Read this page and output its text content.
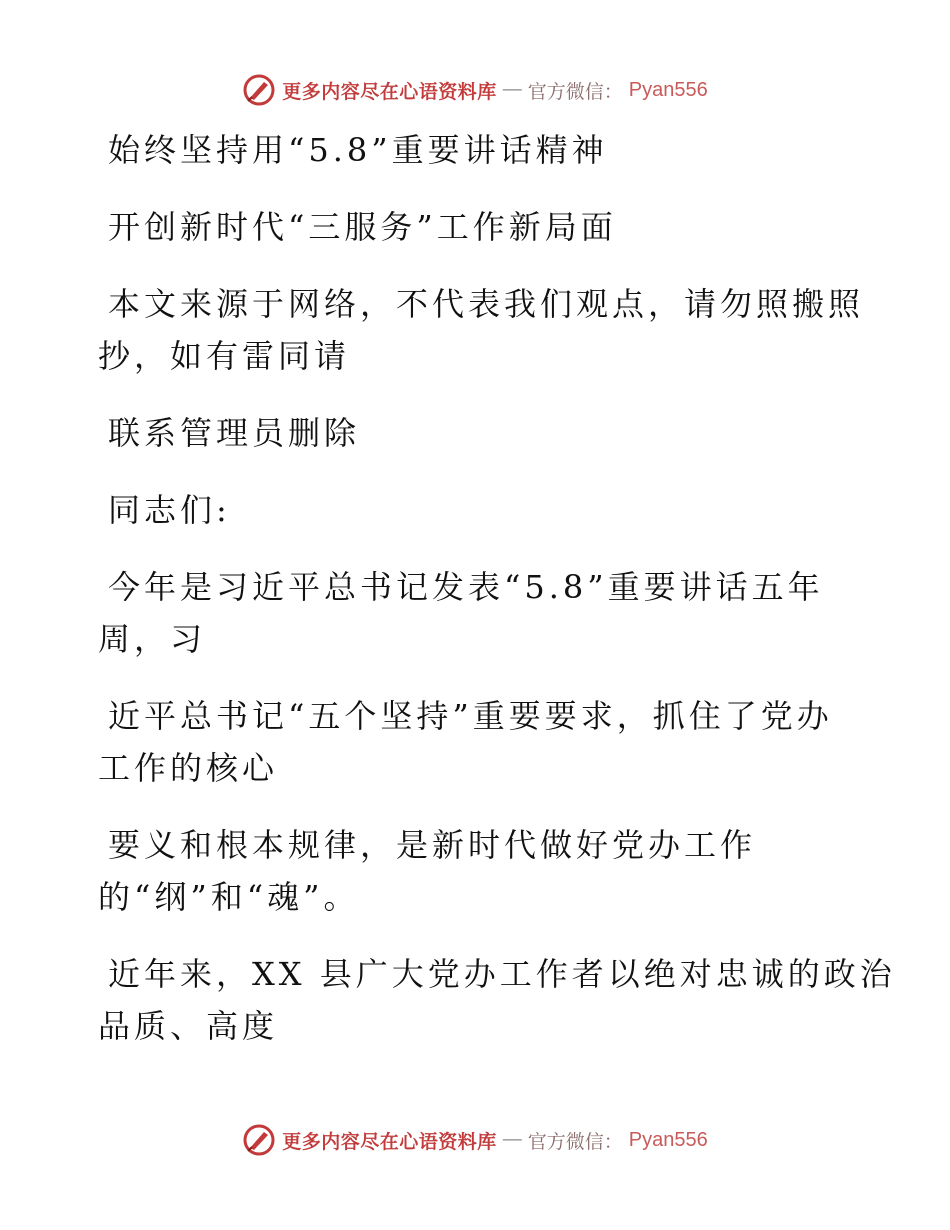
更多内容尽在心语资料库 — 官方微信： Pyan556

始终坚持用“5.8”重要讲话精神

开创新时代“三服务”工作新局面

本文来源于网络，不代表我们观点，请勿照搬照
抄，如有雷同请

联系管理员删除

同志们:

今年是习近平总书记发表“5.8”重要讲话五年
周，习

近平总书记“五个坚持”重要要求，抓住了党办
工作的核心

要义和根本规律，是新时代做好党办工作
的“纲”和“魂”。

近年来，XX 县广大党办工作者以绝对忠诚的政治
品质、高度

更多内容尽在心语资料库 — 官方微信： Pyan556
